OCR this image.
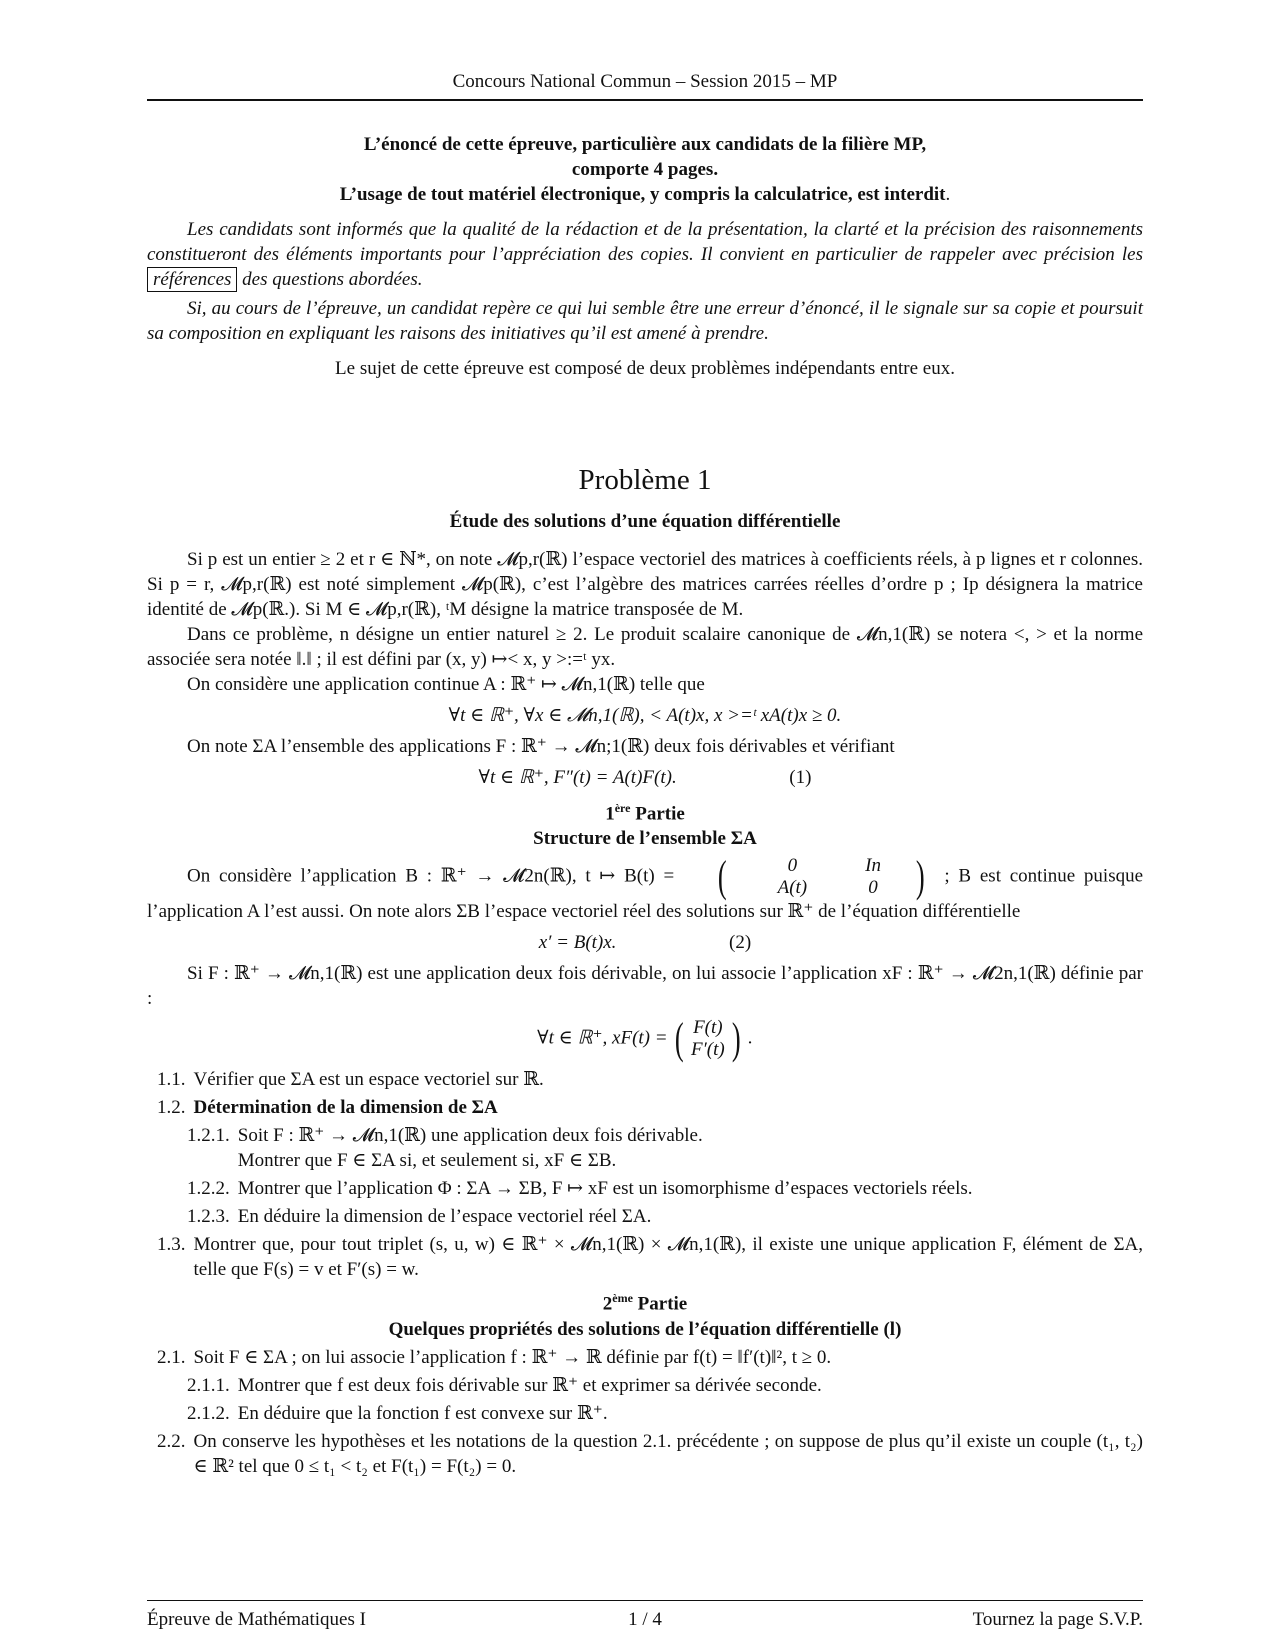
Concours National Commun – Session 2015 – MP

L’énoncé de cette épreuve, particulière aux candidats de la filière MP,

comporte 4 pages.

L’usage de tout matériel électronique, y compris la calculatrice, est interdit.

Les candidats sont informés que la qualité de la rédaction et de la présentation, la clarté et la précision des raisonnements constitueront des éléments importants pour l’appréciation des copies. Il convient en particulier de rappeler avec précision les références des questions abordées.

Si, au cours de l’épreuve, un candidat repère ce qui lui semble être une erreur d’énoncé, il le signale sur sa copie et poursuit sa composition en expliquant les raisons des initiatives qu’il est amené à prendre.

Le sujet de cette épreuve est composé de deux problèmes indépendants entre eux.

Problème 1
Étude des solutions d’une équation différentielle

Si p est un entier ≥ 2 et r ∈ ℕ*, on note 𝓜p,r(ℝ) l’espace vectoriel des matrices à coefficients réels, à p lignes et r colonnes. Si p = r, 𝓜p,r(ℝ) est noté simplement 𝓜p(ℝ), c’est l’algèbre des matrices carrées réelles d’ordre p ; Ip désignera la matrice identité de 𝓜p(ℝ.). Si M ∈ 𝓜p,r(ℝ), ᵗM désigne la matrice transposée de M.

Dans ce problème, n désigne un entier naturel ≥ 2. Le produit scalaire canonique de 𝓜n,1(ℝ) se notera <, > et la norme associée sera notée ‖.‖ ; il est défini par (x, y) ↦< x, y >:=ᵗ yx.

On considère une application continue A : ℝ⁺ ↦ 𝓜n,1(ℝ) telle que

∀t ∈ ℝ⁺, ∀x ∈ 𝓜n,1(ℝ), < A(t)x, x >=ᵗ xA(t)x ≥ 0.

On note ΣA l’ensemble des applications F : ℝ⁺ → 𝓜n;1(ℝ) deux fois dérivables et vérifiant

∀t ∈ ℝ⁺, F″(t) = A(t)F(t).	(1)
1ère Partie
Structure de l’ensemble ΣA

On considère l’application B : ℝ⁺ → 𝓜2n(ℝ), t ↦ B(t) = (	0	In
A(t)	0 ) ; B est continue puisque l’application A l’est aussi. On note alors ΣB l’espace vectoriel réel des solutions sur ℝ⁺ de l’équation différentielle

x′ = B(t)x.	(2)

Si F : ℝ⁺ → 𝓜n,1(ℝ) est une application deux fois dérivable, on lui associe l’application xF : ℝ⁺ → 𝓜2n,1(ℝ) définie par :

∀t ∈ ℝ⁺, xF(t) = ( F(t)
F′(t) ) .
1.1. Vérifier que ΣA est un espace vectoriel sur ℝ.
1.2. Détermination de la dimension de ΣA
1.2.1. Soit F : ℝ⁺ → 𝓜n,1(ℝ) une application deux fois dérivable.
Montrer que F ∈ ΣA si, et seulement si, xF ∈ ΣB.
1.2.2. Montrer que l’application Φ : ΣA → ΣB, F ↦ xF est un isomorphisme d’espaces vectoriels réels.
1.2.3. En déduire la dimension de l’espace vectoriel réel ΣA.
1.3. Montrer que, pour tout triplet (s, u, w) ∈ ℝ⁺ × 𝓜n,1(ℝ) × 𝓜n,1(ℝ), il existe une unique application F, élément de ΣA, telle que F(s) = v et F′(s) = w.
2ème Partie
Quelques propriétés des solutions de l’équation différentielle (l)
2.1. Soit F ∈ ΣA ; on lui associe l’application f : ℝ⁺ → ℝ définie par f(t) = ‖f′(t)‖², t ≥ 0.
2.1.1. Montrer que f est deux fois dérivable sur ℝ⁺ et exprimer sa dérivée seconde.
2.1.2. En déduire que la fonction f est convexe sur ℝ⁺.
2.2. On conserve les hypothèses et les notations de la question 2.1. précédente ; on suppose de plus qu’il existe un couple (t₁, t₂) ∈ ℝ² tel que 0 ≤ t₁ < t₂ et F(t₁) = F(t₂) = 0.
Épreuve de Mathématiques I	1 / 4	Tournez la page S.V.P.
